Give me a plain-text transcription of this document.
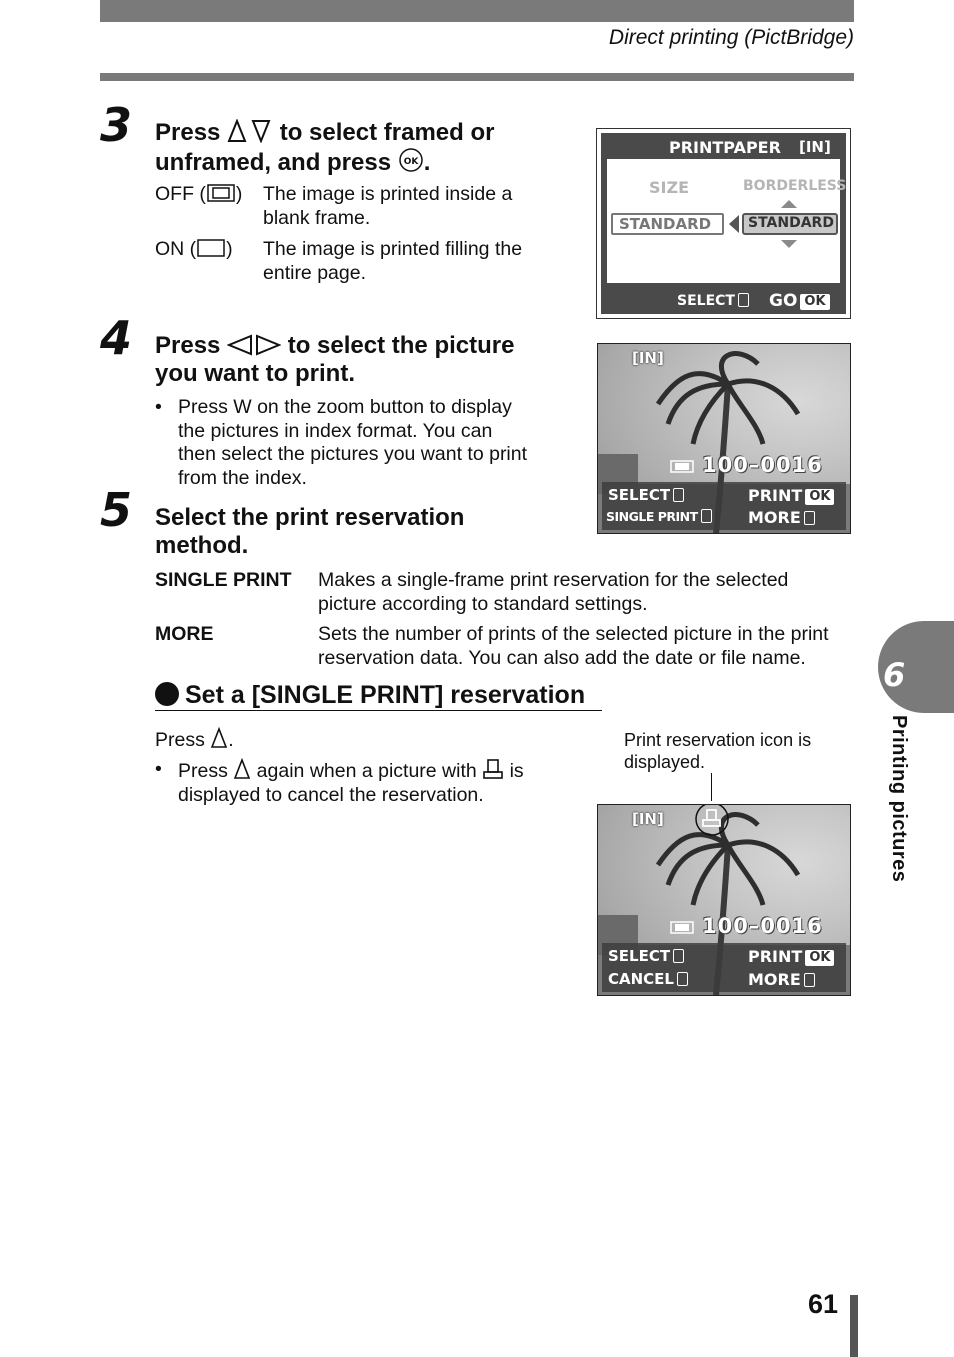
Direct printing (PictBridge)
3 Press  to select framed or
unframed, and press OK .
OFF ( ) The image is printed inside a
blank frame.
ON ( ) The image is printed filling the
entire page.
PRINTPAPER [IN]
SIZE	BORDERLESS
STANDARD	STANDARD
SELECT	GO OK
4 Press  to select the picture
you want to print.
• Press W on the zoom button to display
the pictures in index format. You can
then select the pictures you want to print
from the index.
[IN]
100–0016
SELECT	PRINT OK
SINGLE PRINT	MORE
5 Select the print reservation
method.
SINGLE PRINT Makes a single-frame print reservation for the selected
picture according to standard settings.
MORE	Sets the number of prints of the selected picture in the print
reservation data. You can also add the date or file name.
Set a [SINGLE PRINT] reservation
Press .
• Press  again when a picture with  is
displayed to cancel the reservation.
Print reservation icon is
displayed.
[IN]
100–0016
SELECT	PRINT OK
CANCEL	MORE
6
Printing pictures
61
